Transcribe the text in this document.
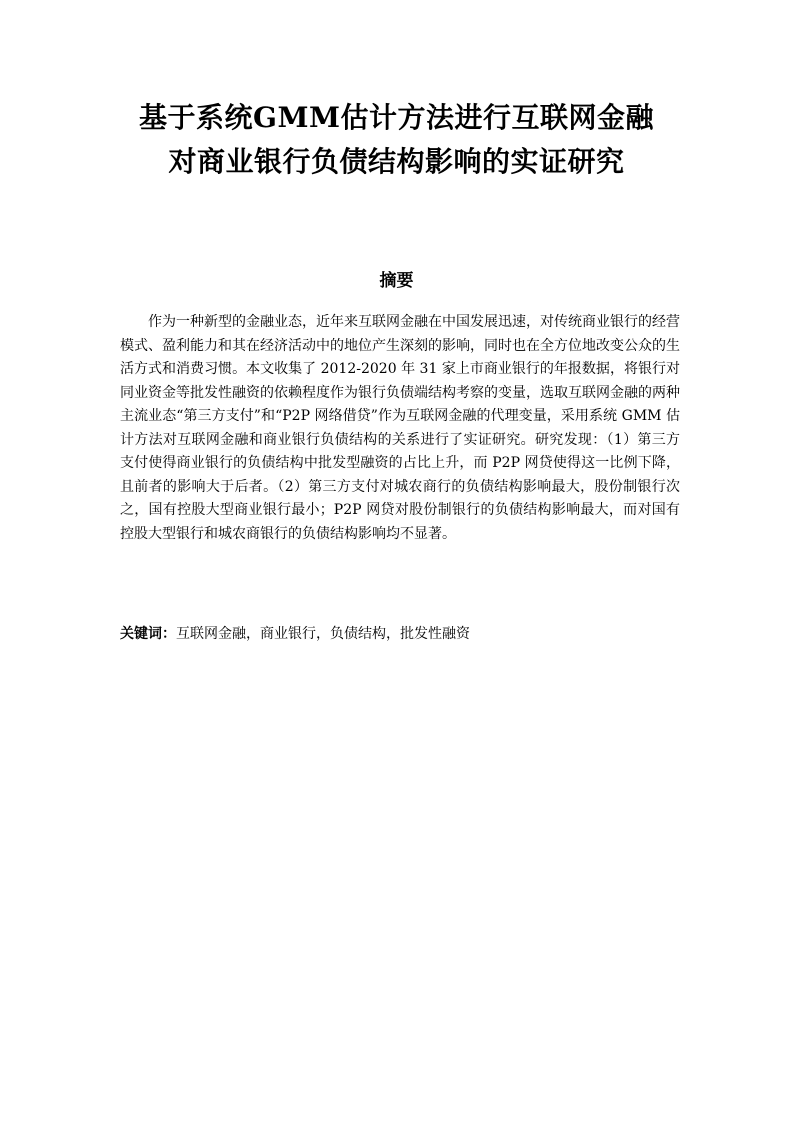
基于系统GMM估计方法进行互联网金融
对商业银行负债结构影响的实证研究
摘要

作为一种新型的金融业态，近年来互联网金融在中国发展迅速，对传统商业银行的经营模式、盈利能力和其在经济活动中的地位产生深刻的影响，同时也在全方位地改变公众的生活方式和消费习惯。本文收集了 2012-2020 年 31 家上市商业银行的年报数据，将银行对同业资金等批发性融资的依赖程度作为银行负债端结构考察的变量，选取互联网金融的两种主流业态“第三方支付”和“P2P 网络借贷”作为互联网金融的代理变量，采用系统 GMM 估计方法对互联网金融和商业银行负债结构的关系进行了实证研究。研究发现：（1）第三方支付使得商业银行的负债结构中批发型融资的占比上升，而 P2P 网贷使得这一比例下降，且前者的影响大于后者。（2）第三方支付对城农商行的负债结构影响最大，股份制银行次之，国有控股大型商业银行最小；P2P 网贷对股份制银行的负债结构影响最大，而对国有控股大型银行和城农商银行的负债结构影响均不显著。

关键词：互联网金融，商业银行，负债结构，批发性融资
